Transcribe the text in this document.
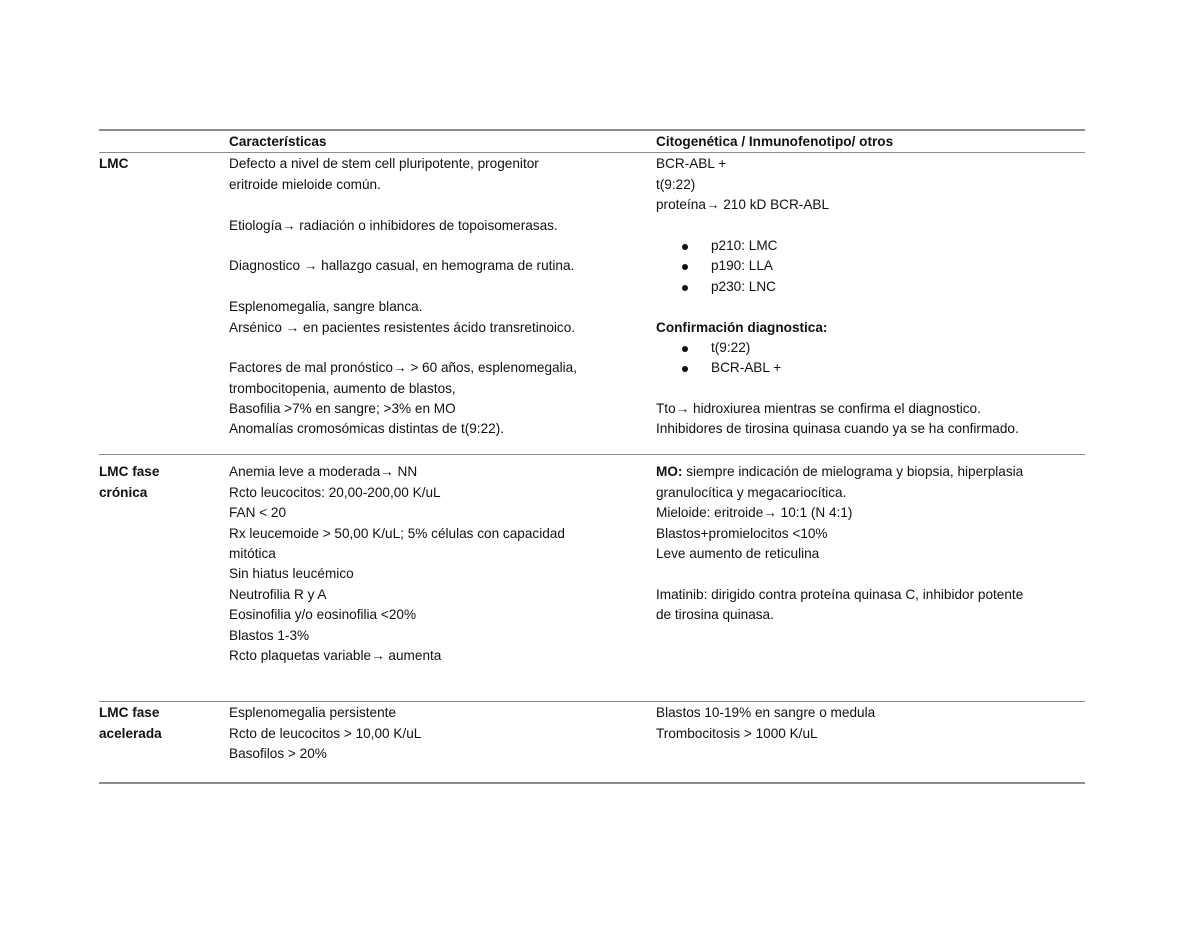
Características	Citogenética / Inmunofenotipo/ otros
LMC	Defecto a nivel de stem cell pluripotente, progenitor
eritroide mieloide común.
Etiología→ radiación o inhibidores de topoisomerasas.
Diagnostico → hallazgo casual, en hemograma de rutina.
Esplenomegalia, sangre blanca.
Arsénico → en pacientes resistentes ácido transretinoico.
Factores de mal pronóstico→ > 60 años, esplenomegalia,
trombocitopenia, aumento de blastos,
Basofilia >7% en sangre; >3% en MO
Anomalías cromosómicas distintas de t(9:22).
BCR-ABL +
t(9:22)
proteína→ 210 kD BCR-ABL
p210: LMC
p190: LLA
p230: LNC
Confirmación diagnostica:
t(9:22)
BCR-ABL +
Tto→ hidroxiurea mientras se confirma el diagnostico.
Inhibidores de tirosina quinasa cuando ya se ha confirmado.
LMC fase
crónica
Anemia leve a moderada→ NN
Rcto leucocitos: 20,00-200,00 K/uL
FAN < 20
Rx leucemoide > 50,00 K/uL; 5% células con capacidad
mitótica
Sin hiatus leucémico
Neutrofilia R y A
Eosinofilia y/o eosinofilia <20%
Blastos 1-3%
Rcto plaquetas variable→ aumenta
MO: siempre indicación de mielograma y biopsia, hiperplasia
granulocítica y megacariocítica.
Mieloide: eritroide→ 10:1 (N 4:1)
Blastos+promielocitos <10%
Leve aumento de reticulina
Imatinib: dirigido contra proteína quinasa C, inhibidor potente
de tirosina quinasa.
LMC fase
acelerada
Esplenomegalia persistente
Rcto de leucocitos > 10,00 K/uL
Basofilos > 20%
Blastos 10-19% en sangre o medula
Trombocitosis > 1000 K/uL
